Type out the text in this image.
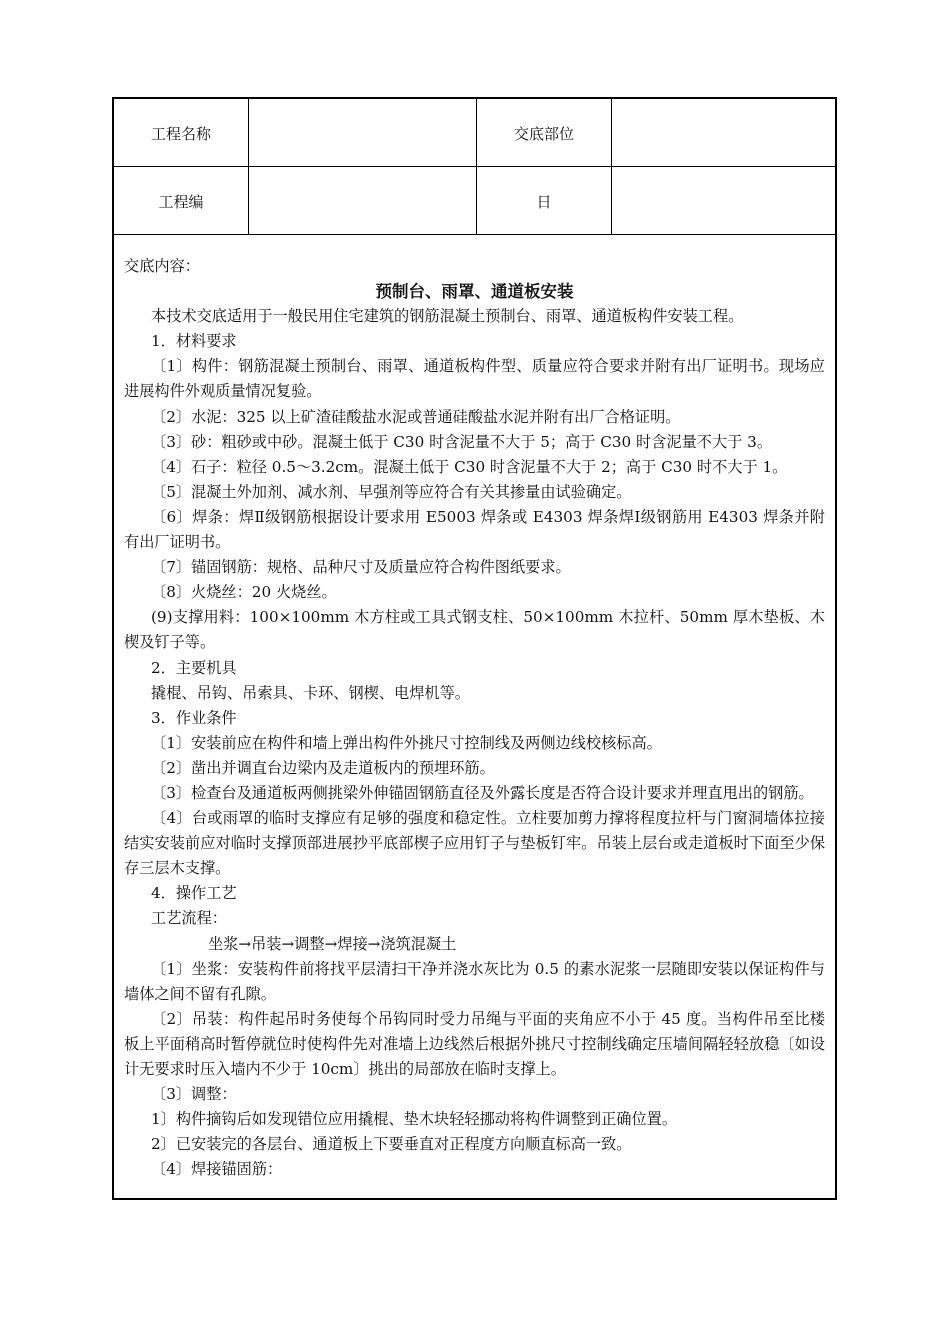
工程名称	交底部位
工程编	日

交底内容：

预制台、雨罩、通道板安装

本技术交底适用于一般民用住宅建筑的钢筋混凝土预制台、雨罩、通道板构件安装工程。

1．材料要求

〔1〕构件：钢筋混凝土预制台、雨罩、通道板构件型、质量应符合要求并附有出厂证明书。现场应进展构件外观质量情况复验。

〔2〕水泥：325 以上矿渣硅酸盐水泥或普通硅酸盐水泥并附有出厂合格证明。

〔3〕砂：粗砂或中砂。混凝土低于 C30 时含泥量不大于 5；高于 C30 时含泥量不大于 3。

〔4〕石子：粒径 0.5～3.2cm。混凝土低于 C30 时含泥量不大于 2；高于 C30 时不大于 1。

〔5〕混凝土外加剂、减水剂、早强剂等应符合有关其掺量由试验确定。

〔6〕焊条：焊Ⅱ级钢筋根据设计要求用 E5003 焊条或 E4303 焊条焊Ⅰ级钢筋用 E4303 焊条并附有出厂证明书。

〔7〕锚固钢筋：规格、品种尺寸及质量应符合构件图纸要求。

〔8〕火烧丝：20 火烧丝。

(9)支撑用料：100×100mm 木方柱或工具式钢支柱、50×100mm 木拉杆、50mm 厚木垫板、木楔及钉子等。

2．主要机具

撬棍、吊钩、吊索具、卡环、钢楔、电焊机等。

3．作业条件

〔1〕安装前应在构件和墙上弹出构件外挑尺寸控制线及两侧边线校核标高。

〔2〕凿出并调直台边梁内及走道板内的预埋环筋。

〔3〕检查台及通道板两侧挑梁外伸锚固钢筋直径及外露长度是否符合设计要求并理直甩出的钢筋。

〔4〕台或雨罩的临时支撑应有足够的强度和稳定性。立柱要加剪力撑将程度拉杆与门窗洞墙体拉接结实安装前应对临时支撑顶部进展抄平底部楔子应用钉子与垫板钉牢。吊装上层台或走道板时下面至少保存三层木支撑。

4．操作工艺

工艺流程：

坐浆→吊装→调整→焊接→浇筑混凝土

〔1〕坐浆：安装构件前将找平层清扫干净并浇水灰比为 0.5 的素水泥浆一层随即安装以保证构件与墙体之间不留有孔隙。

〔2〕吊装：构件起吊时务使每个吊钩同时受力吊绳与平面的夹角应不小于 45 度。当构件吊至比楼板上平面稍高时暂停就位时使构件先对准墙上边线然后根据外挑尺寸控制线确定压墙间隔轻轻放稳〔如设计无要求时压入墙内不少于 10cm〕挑出的局部放在临时支撑上。

〔3〕调整：

1〕构件摘钩后如发现错位应用撬棍、垫木块轻轻挪动将构件调整到正确位置。

2〕已安装完的各层台、通道板上下要垂直对正程度方向顺直标高一致。

〔4〕焊接锚固筋：
